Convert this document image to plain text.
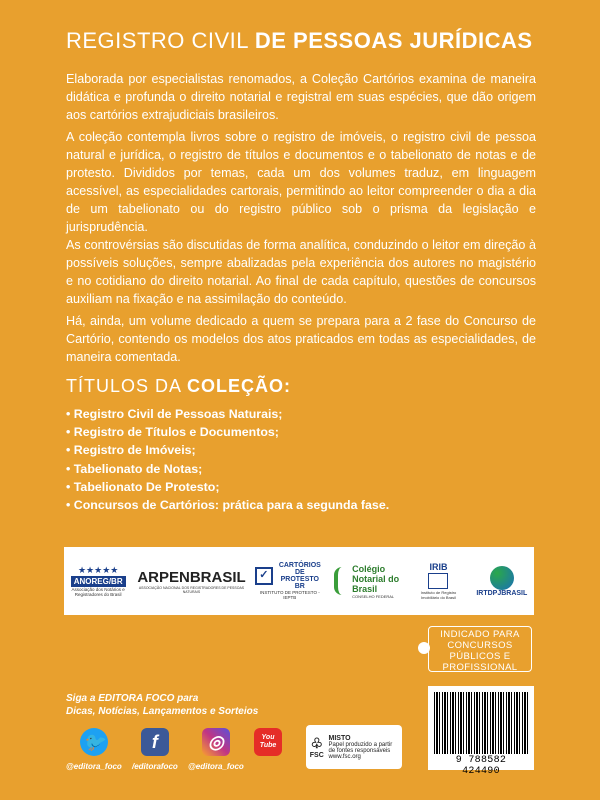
REGISTRO CIVIL DE PESSOAS JURÍDICAS
Elaborada por especialistas renomados, a Coleção Cartórios examina de maneira didática e profunda o direito notarial e registral em suas espécies, que dão origem aos cartórios extrajudiciais brasileiros.
A coleção contempla livros sobre o registro de imóveis, o registro civil de pessoa natural e jurídica, o registro de títulos e documentos e o tabelionato de notas e de protesto. Divididos por temas, cada um dos volumes traduz, em linguagem acessível, as especialidades cartorais, permitindo ao leitor compreender o dia a dia de um tabelionato ou do registro público sob o prisma da legislação e jurisprudência.
As controvérsias são discutidas de forma analítica, conduzindo o leitor em direção à possíveis soluções, sempre abalizadas pela experiência dos autores no magistério e no cotidiano do direito notarial. Ao final de cada capítulo, questões de concursos auxiliam na fixação e na assimilação do conteúdo.
Há, ainda, um volume dedicado a quem se prepara para a 2 fase do Concurso de Cartório, contendo os modelos dos atos praticados em todas as especialidades, de maneira comentada.
TÍTULOS DA COLEÇÃO:
• Registro Civil de Pessoas Naturais;
• Registro de Títulos e Documentos;
• Registro de Imóveis;
• Tabelionato de Notas;
• Tabelionato De Protesto;
• Concursos de Cartórios: prática para a segunda fase.
★★★★★
ANOREG/BR
Associação dos Notários e Registradores do Brasil
ARPENBRASIL
ASSOCIAÇÃO NACIONAL DOS REGISTRADORES DE PESSOAS NATURAIS
✓
CARTÓRIOS DE PROTESTO BR
INSTITUTO DE PROTESTO - IEPTB
Colégio Notarial do Brasil
CONSELHO FEDERAL
IRIB
Instituto de Registro Imobiliário do Brasil
IRTDPJBRASIL
INDICADO PARA CONCURSOS PÚBLICOS E PROFISSIONAL
Siga a EDITORA FOCO para
Dicas, Notícias, Lançamentos e Sorteios
🐦
@editora_foco
f
/editorafoco
◎
@editora_foco
You Tube	♧
FSC
MISTO
Papel produzido a partir de fontes responsáveis
www.fsc.org	9 788582 424490
